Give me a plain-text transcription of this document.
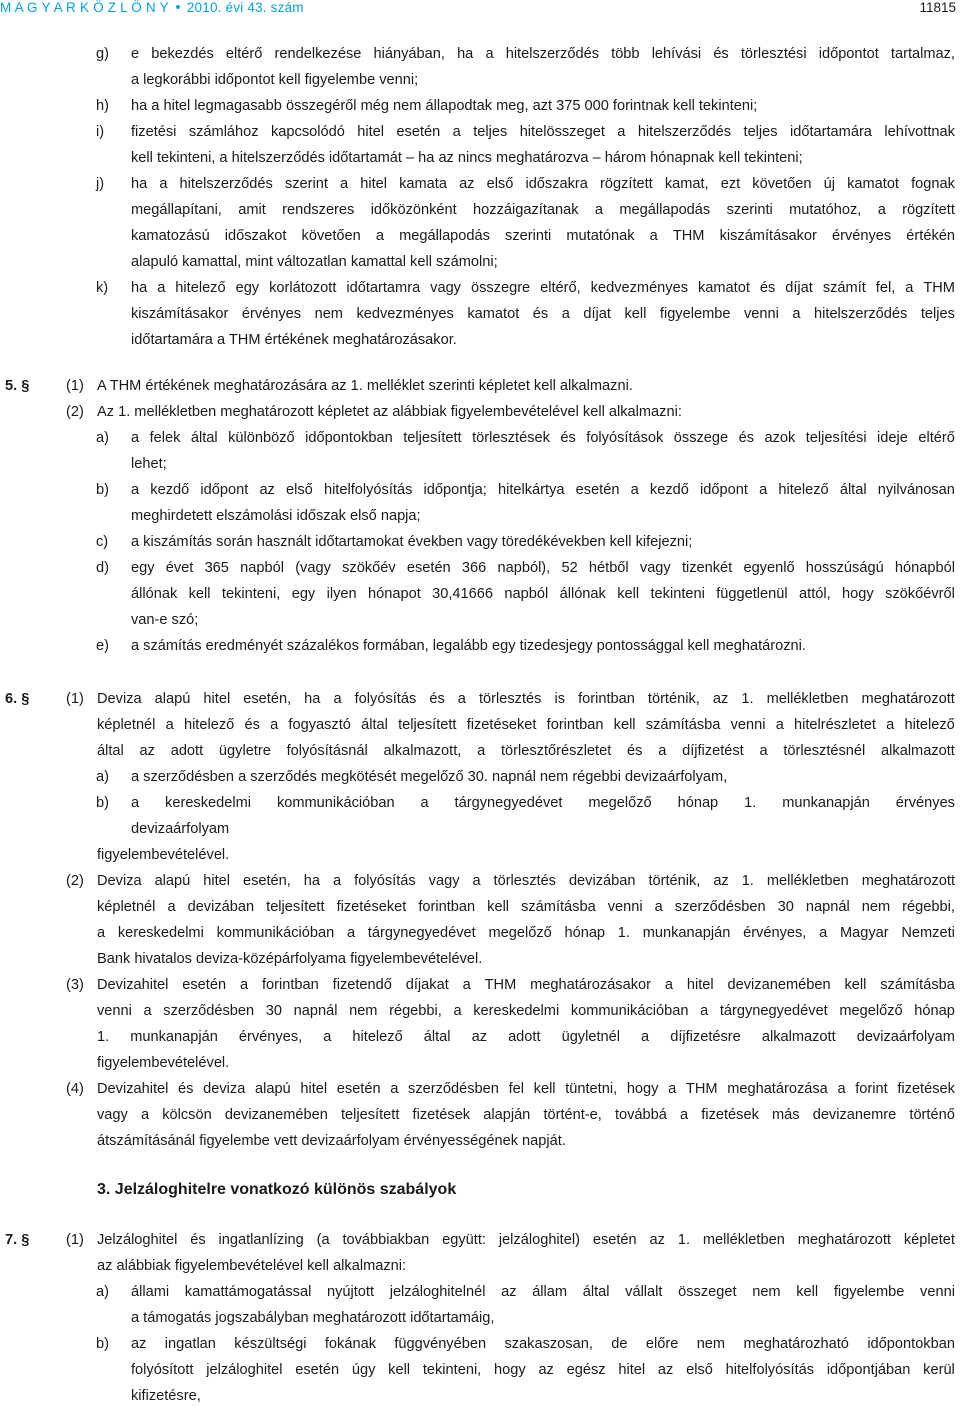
M A G Y A R K Ö Z L Ö N Y 2010. évi 43. szám	11815
g) e bekezdés eltérő rendelkezése hiányában, ha a hitelszerződés több lehívási és törlesztési időpontot tartalmaz,
a legkorábbi időpontot kell figyelembe venni;
h) ha a hitel legmagasabb összegéről még nem állapodtak meg, azt 375 000 forintnak kell tekinteni;
i) fizetési számlához kapcsolódó hitel esetén a teljes hitelösszeget a hitelszerződés teljes időtartamára lehívottnak
kell tekinteni, a hitelszerződés időtartamát – ha az nincs meghatározva – három hónapnak kell tekinteni;
j) ha a hitelszerződés szerint a hitel kamata az első időszakra rögzített kamat, ezt követően új kamatot fognak
megállapítani, amit rendszeres időközönként hozzáigazítanak a megállapodás szerinti mutatóhoz, a rögzített
kamatozású időszakot követően a megállapodás szerinti mutatónak a THM kiszámításakor érvényes értékén
alapuló kamattal, mint változatlan kamattal kell számolni;
k) ha a hitelező egy korlátozott időtartamra vagy összegre eltérő, kedvezményes kamatot és díjat számít fel, a THM
kiszámításakor érvényes nem kedvezményes kamatot és a díjat kell figyelembe venni a hitelszerződés teljes
időtartamára a THM értékének meghatározásakor.
5. §	(1) A THM értékének meghatározására az 1. melléklet szerinti képletet kell alkalmazni.
(2) Az 1. mellékletben meghatározott képletet az alábbiak figyelembevételével kell alkalmazni:
a) a felek által különböző időpontokban teljesített törlesztések és folyósítások összege és azok teljesítési ideje eltérő
lehet;
b) a kezdő időpont az első hitelfolyósítás időpontja; hitelkártya esetén a kezdő időpont a hitelező által nyilvánosan
meghirdetett elszámolási időszak első napja;
c) a kiszámítás során használt időtartamokat években vagy töredékévekben kell kifejezni;
d) egy évet 365 napból (vagy szökőév esetén 366 napból), 52 hétből vagy tizenkét egyenlő hosszúságú hónapból
állónak kell tekinteni, egy ilyen hónapot 30,41666 napból állónak kell tekinteni függetlenül attól, hogy szökőévről
van-e szó;
e) a számítás eredményét százalékos formában, legalább egy tizedesjegy pontossággal kell meghatározni.
6. §	(1) Deviza alapú hitel esetén, ha a folyósítás és a törlesztés is forintban történik, az 1. mellékletben meghatározott
képletnél a hitelező és a fogyasztó által teljesített fizetéseket forintban kell számításba venni a hitelrészletet a hitelező
által az adott ügyletre folyósításnál alkalmazott, a törlesztőrészletet és a díjfizetést a törlesztésnél alkalmazott
a) a szerződésben a szerződés megkötését megelőző 30. napnál nem régebbi devizaárfolyam,
b) a kereskedelmi kommunikációban a tárgynegyedévet megelőző hónap 1. munkanapján érvényes
devizaárfolyam
figyelembevételével.
(2) Deviza alapú hitel esetén, ha a folyósítás vagy a törlesztés devizában történik, az 1. mellékletben meghatározott
képletnél a devizában teljesített fizetéseket forintban kell számításba venni a szerződésben 30 napnál nem régebbi,
a kereskedelmi kommunikációban a tárgynegyedévet megelőző hónap 1. munkanapján érvényes, a Magyar Nemzeti
Bank hivatalos deviza-középárfolyama figyelembevételével.
(3) Devizahitel esetén a forintban fizetendő díjakat a THM meghatározásakor a hitel devizanemében kell számításba
venni a szerződésben 30 napnál nem régebbi, a kereskedelmi kommunikációban a tárgynegyedévet megelőző hónap
1. munkanapján érvényes, a hitelező által az adott ügyletnél a díjfizetésre alkalmazott devizaárfolyam
figyelembevételével.
(4) Devizahitel és deviza alapú hitel esetén a szerződésben fel kell tüntetni, hogy a THM meghatározása a forint fizetések
vagy a kölcsön devizanemében teljesített fizetések alapján történt-e, továbbá a fizetések más devizanemre történő
átszámításánál figyelembe vett devizaárfolyam érvényességének napját.
3. Jelzáloghitelre vonatkozó különös szabályok
7. §	(1) Jelzáloghitel és ingatlanlízing (a továbbiakban együtt: jelzáloghitel) esetén az 1. mellékletben meghatározott képletet
az alábbiak figyelembevételével kell alkalmazni:
a) állami kamattámogatással nyújtott jelzáloghitelnél az állam által vállalt összeget nem kell figyelembe venni
a támogatás jogszabályban meghatározott időtartamáig,
b) az ingatlan készültségi fokának függvényében szakaszosan, de előre nem meghatározható időpontokban
folyósított jelzáloghitel esetén úgy kell tekinteni, hogy az egész hitel az első hitelfolyósítás időpontjában kerül
kifizetésre,
